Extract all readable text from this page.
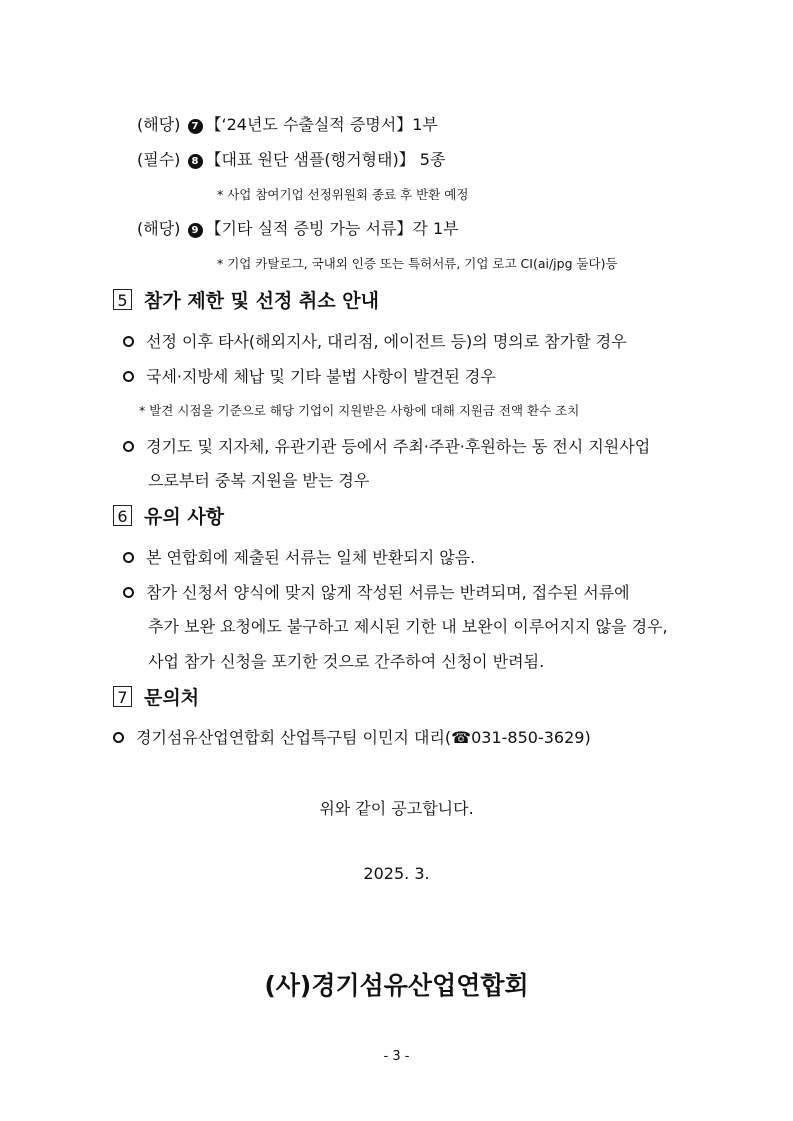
(해당) 7 【‘24년도 수출실적 증명서】1부
(필수) 8 【대표 원단 샘플(행거형태)】 5종
* 사업 참여기업 선정위원회 종료 후 반환 예정
(해당) 9 【기타 실적 증빙 가능 서류】각 1부
* 기업 카탈로그, 국내외 인증 또는 특허서류, 기업 로고 CI(ai/jpg 둘다)등
5 참가 제한 및 선정 취소 안내
선정 이후 타사(해외지사, 대리점, 에이전트 등)의 명의로 참가할 경우
국세·지방세 체납 및 기타 불법 사항이 발견된 경우
* 발견 시점을 기준으로 해당 기업이 지원받은 사항에 대해 지원금 전액 환수 조치
경기도 및 지자체, 유관기관 등에서 주최·주관·후원하는 동 전시 지원사업
으로부터 중복 지원을 받는 경우
6 유의 사항
본 연합회에 제출된 서류는 일체 반환되지 않음.
참가 신청서 양식에 맞지 않게 작성된 서류는 반려되며, 접수된 서류에
추가 보완 요청에도 불구하고 제시된 기한 내 보완이 이루어지지 않을 경우,
사업 참가 신청을 포기한 것으로 간주하여 신청이 반려됨.
7 문의처
경기섬유산업연합회 산업특구팀 이민지 대리(☎031-850-3629)
위와 같이 공고합니다.
2025. 3.
(사)경기섬유산업연합회
- 3 -
